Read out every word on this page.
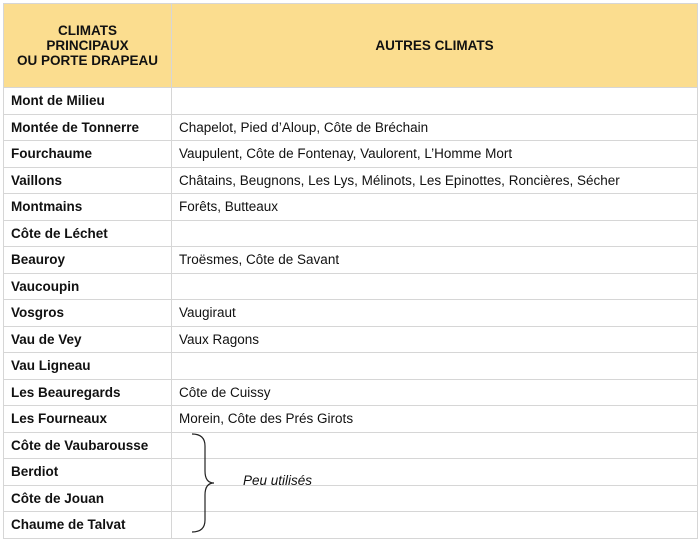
CLIMATS
PRINCIPAUX
OU PORTE DRAPEAU	AUTRES CLIMATS
Mont de Milieu	
Montée de Tonnerre	Chapelot, Pied d’Aloup, Côte de Bréchain
Fourchaume	Vaupulent, Côte de Fontenay, Vaulorent, L’Homme Mort
Vaillons	Châtains, Beugnons, Les Lys, Mélinots, Les Epinottes, Roncières, Sécher
Montmains	Forêts, Butteaux
Côte de Léchet	
Beauroy	Troësmes, Côte de Savant
Vaucoupin	
Vosgros	Vaugiraut
Vau de Vey	Vaux Ragons
Vau Ligneau	
Les Beauregards	Côte de Cuissy
Les Fourneaux	Morein, Côte des Prés Girots
Côte de Vaubarousse	
Berdiot	
Côte de Jouan	
Chaume de Talvat	
Peu utilisés
